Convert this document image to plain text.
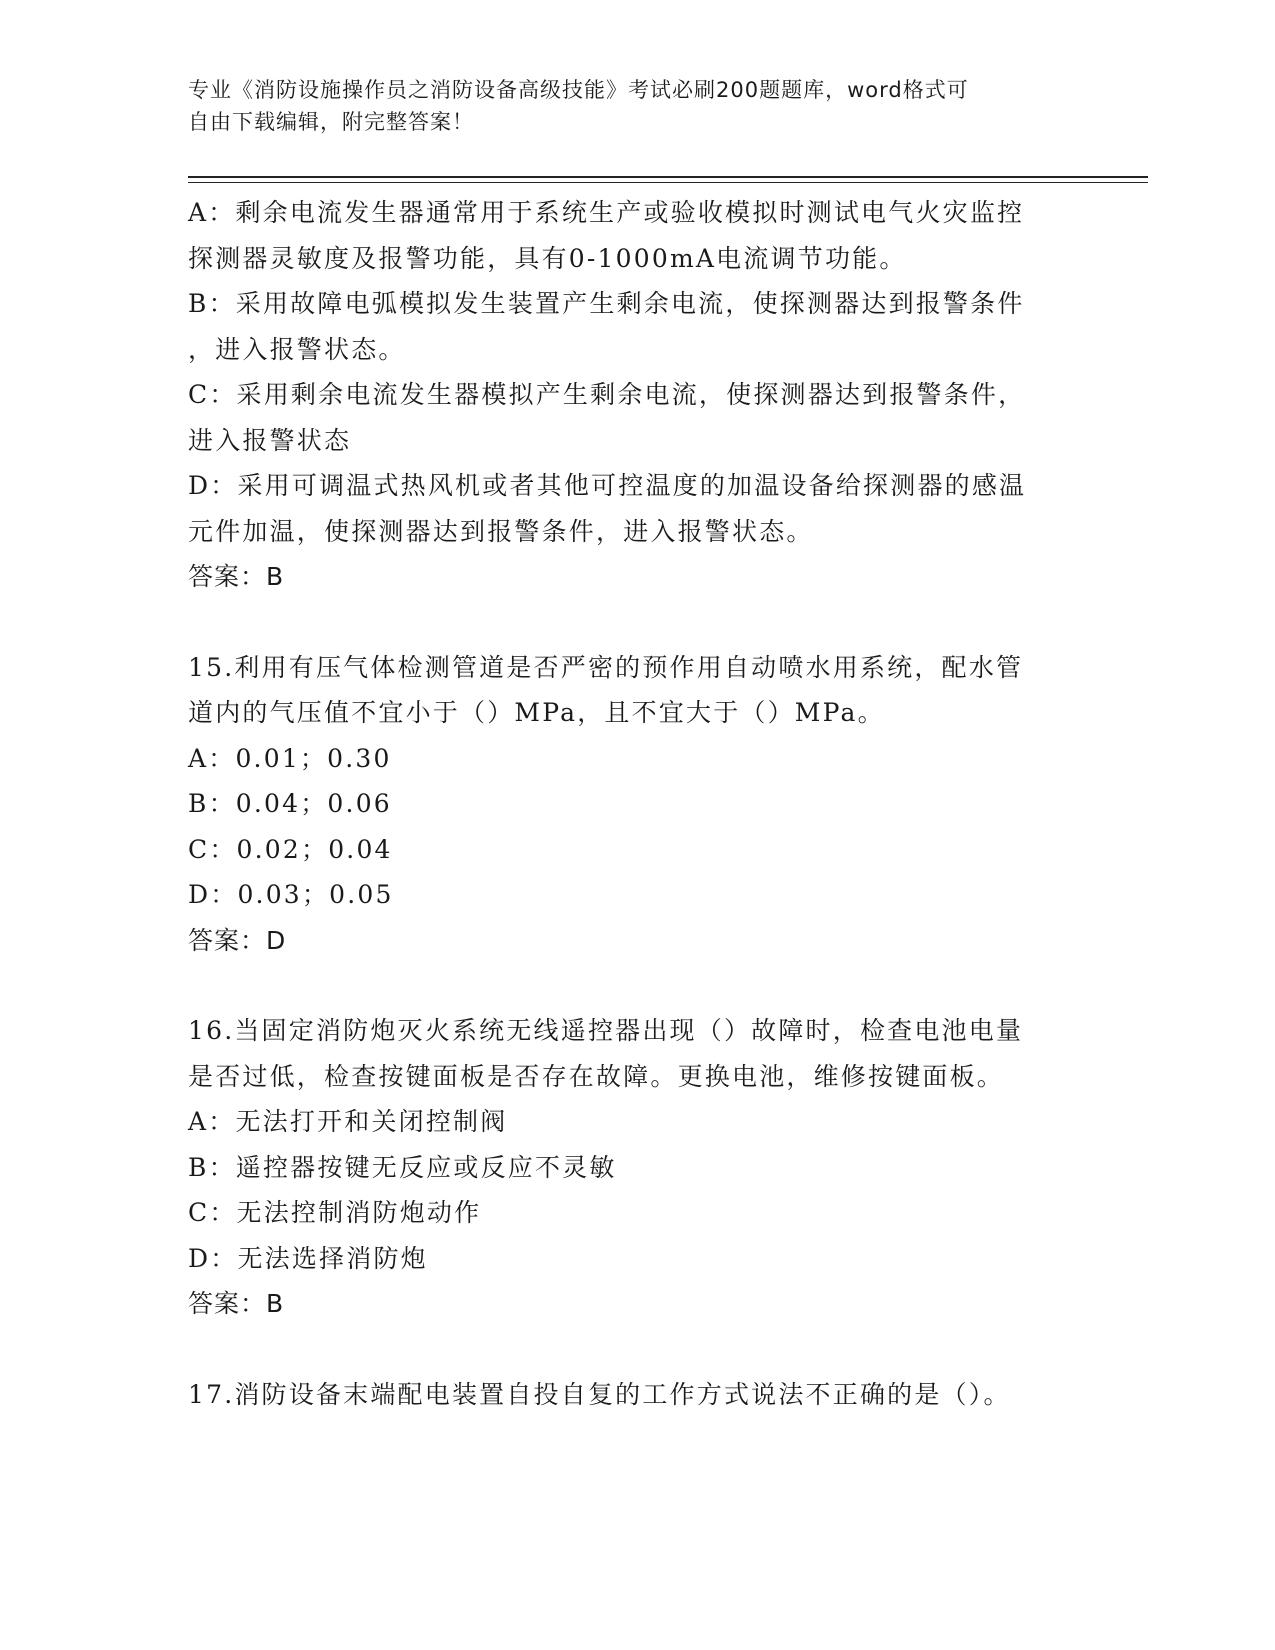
专业《消防设施操作员之消防设备高级技能》考试必刷200题题库，word格式可
自由下载编辑，附完整答案！
A：剩余电流发生器通常用于系统生产或验收模拟时测试电气火灾监控
探测器灵敏度及报警功能，具有0-1000mA电流调节功能。
B：采用故障电弧模拟发生装置产生剩余电流，使探测器达到报警条件
，进入报警状态。
C：采用剩余电流发生器模拟产生剩余电流，使探测器达到报警条件，
进入报警状态
D：采用可调温式热风机或者其他可控温度的加温设备给探测器的感温
元件加温，使探测器达到报警条件，进入报警状态。
答案：B
15.利用有压气体检测管道是否严密的预作用自动喷水用系统，配水管
道内的气压值不宜小于（）MPa，且不宜大于（）MPa。
A：0.01；0.30
B：0.04；0.06
C：0.02；0.04
D：0.03；0.05
答案：D
16.当固定消防炮灭火系统无线遥控器出现（）故障时，检查电池电量
是否过低，检查按键面板是否存在故障。更换电池，维修按键面板。
A：无法打开和关闭控制阀
B：遥控器按键无反应或反应不灵敏
C：无法控制消防炮动作
D：无法选择消防炮
答案：B
17.消防设备末端配电装置自投自复的工作方式说法不正确的是（）。
